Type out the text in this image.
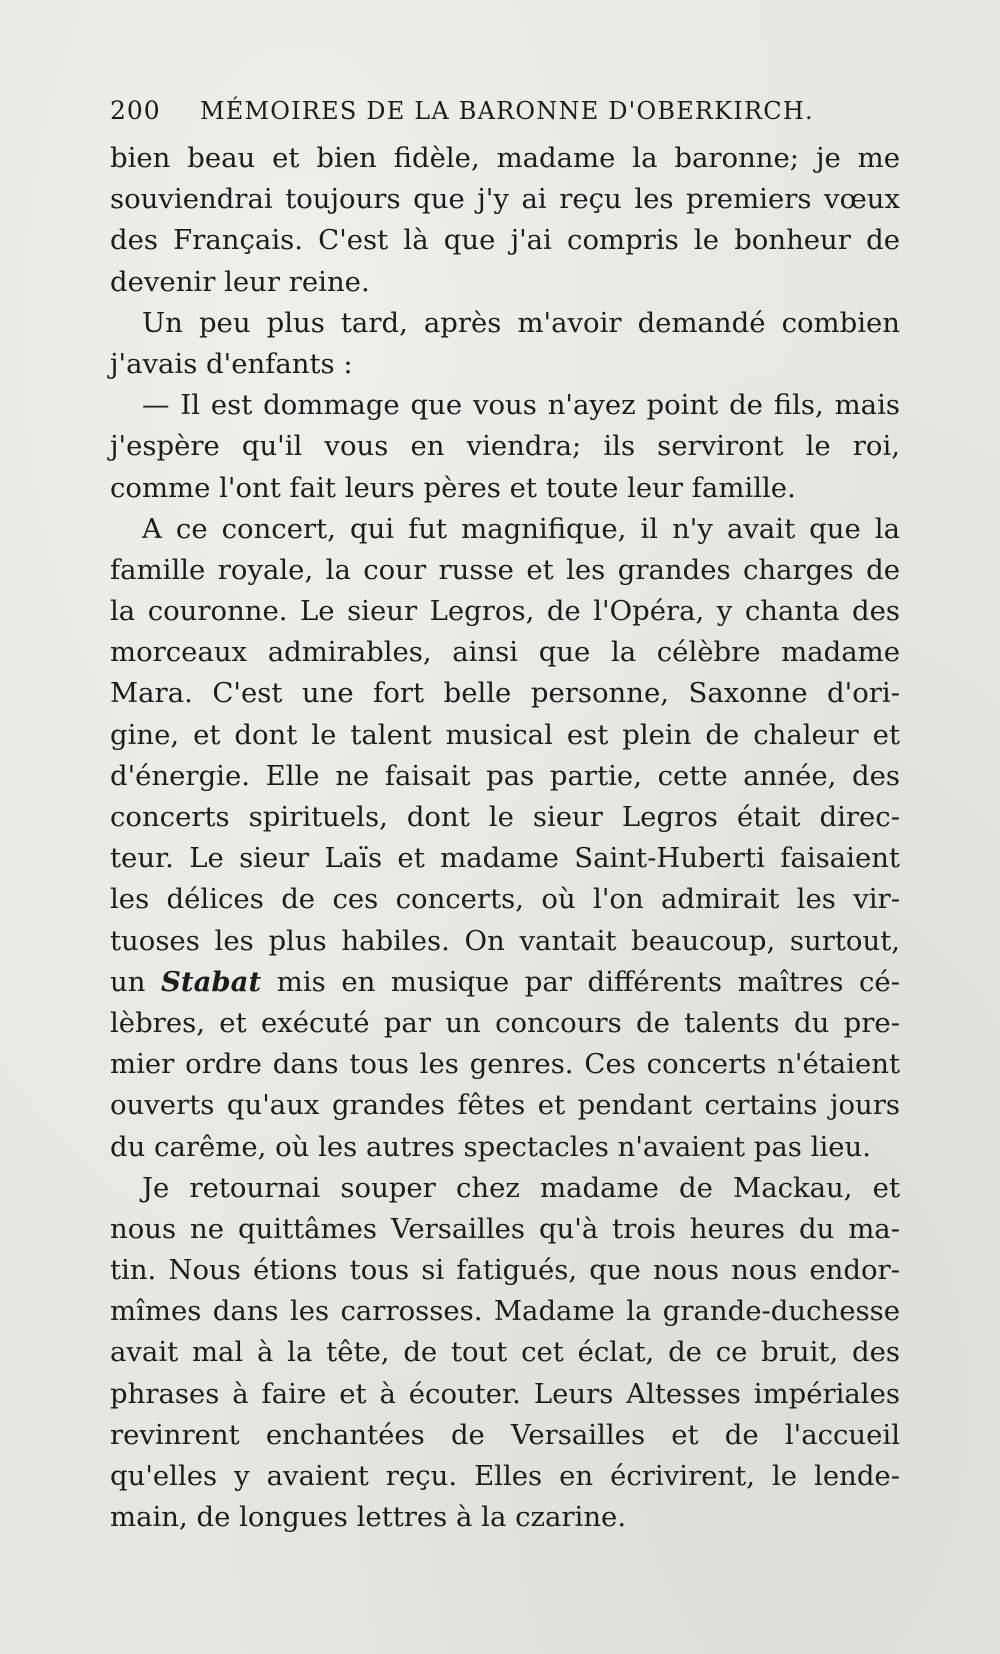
200	MÉMOIRES DE LA BARONNE D'OBERKIRCH.
bien beau et bien fidèle, madame la baronne; je me
souviendrai toujours que j'y ai reçu les premiers vœux
des Français. C'est là que j'ai compris le bonheur de
devenir leur reine.
Un peu plus tard, après m'avoir demandé combien
j'avais d'enfants :
— Il est dommage que vous n'ayez point de fils, mais
j'espère qu'il vous en viendra; ils serviront le roi,
comme l'ont fait leurs pères et toute leur famille.
A ce concert, qui fut magnifique, il n'y avait que la
famille royale, la cour russe et les grandes charges de
la couronne. Le sieur Legros, de l'Opéra, y chanta des
morceaux admirables, ainsi que la célèbre madame
Mara. C'est une fort belle personne, Saxonne d'ori-
gine, et dont le talent musical est plein de chaleur et
d'énergie. Elle ne faisait pas partie, cette année, des
concerts spirituels, dont le sieur Legros était direc-
teur. Le sieur Laïs et madame Saint-Huberti faisaient
les délices de ces concerts, où l'on admirait les vir-
tuoses les plus habiles. On vantait beaucoup, surtout,
un Stabat mis en musique par différents maîtres cé-
lèbres, et exécuté par un concours de talents du pre-
mier ordre dans tous les genres. Ces concerts n'étaient
ouverts qu'aux grandes fêtes et pendant certains jours
du carême, où les autres spectacles n'avaient pas lieu.
Je retournai souper chez madame de Mackau, et
nous ne quittâmes Versailles qu'à trois heures du ma-
tin. Nous étions tous si fatigués, que nous nous endor-
mîmes dans les carrosses. Madame la grande-duchesse
avait mal à la tête, de tout cet éclat, de ce bruit, des
phrases à faire et à écouter. Leurs Altesses impériales
revinrent enchantées de Versailles et de l'accueil
qu'elles y avaient reçu. Elles en écrivirent, le lende-
main, de longues lettres à la czarine.
